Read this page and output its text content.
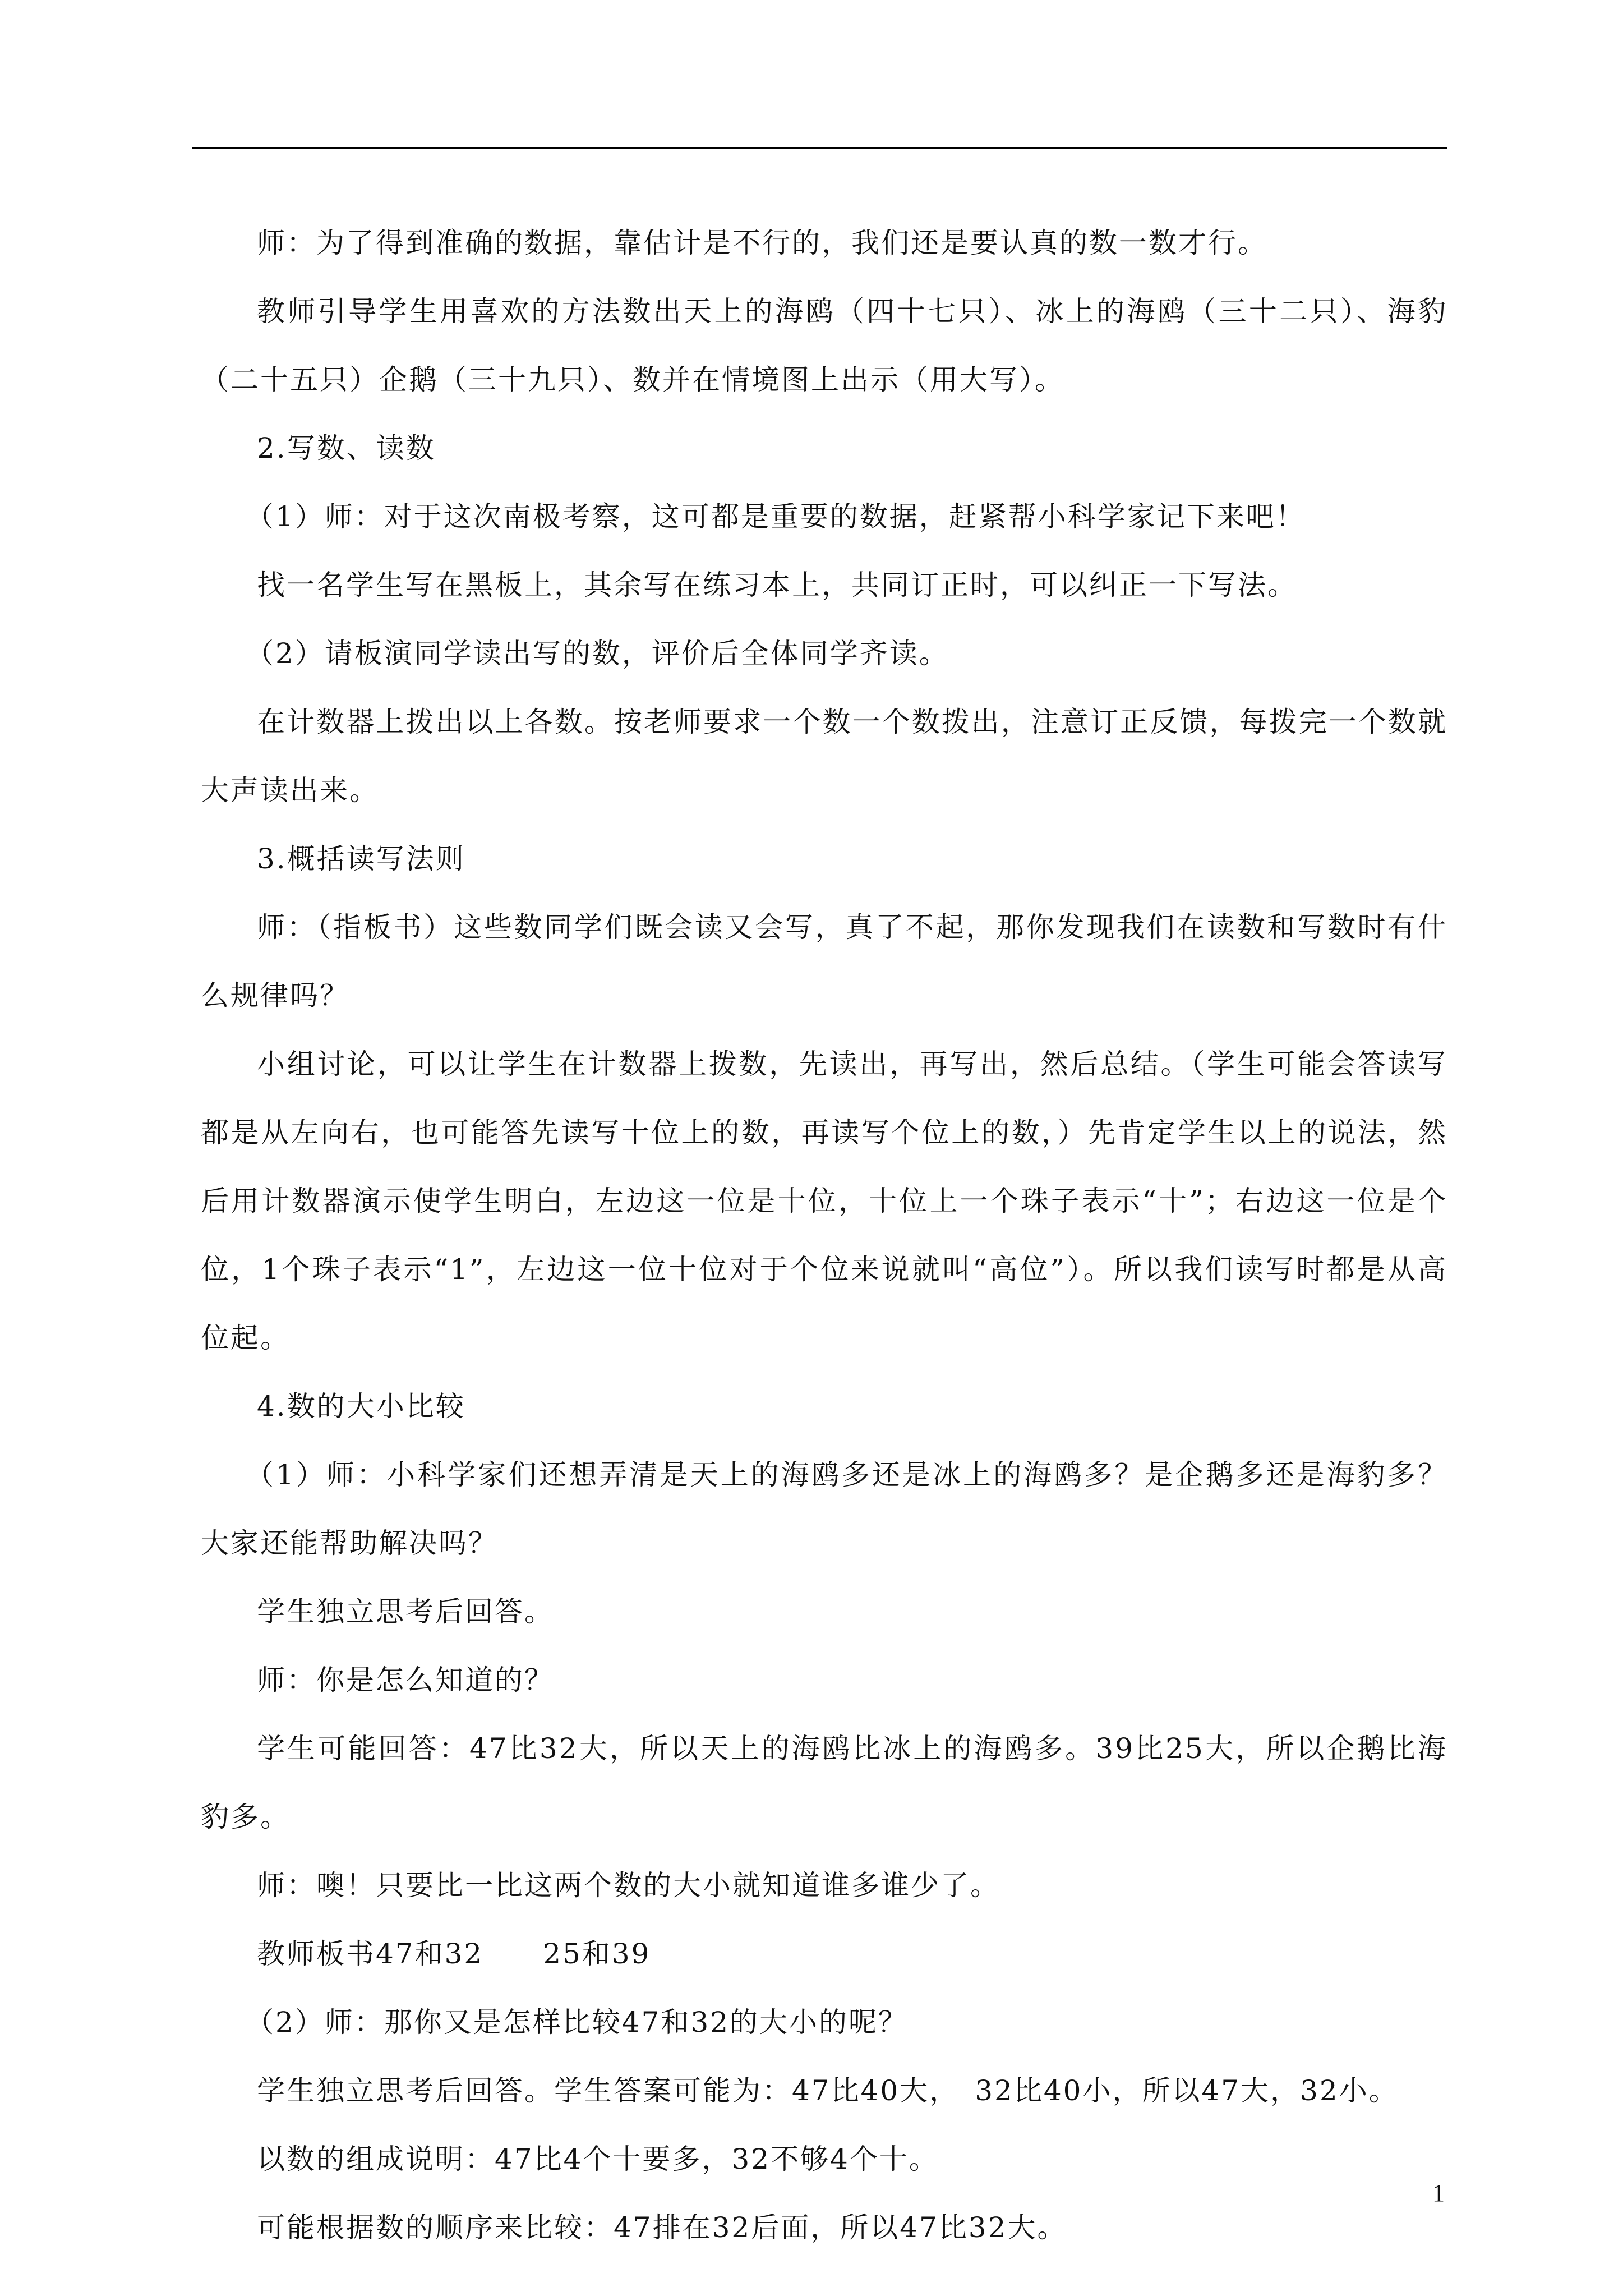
师：为了得到准确的数据，靠估计是不行的，我们还是要认真的数一数才行。

教师引导学生用喜欢的方法数出天上的海鸥（四十七只）、冰上的海鸥（三十二只）、海豹（二十五只）企鹅（三十九只）、数并在情境图上出示（用大写）。

2.写数、读数

（1）师：对于这次南极考察，这可都是重要的数据，赶紧帮小科学家记下来吧！

找一名学生写在黑板上，其余写在练习本上，共同订正时，可以纠正一下写法。

（2）请板演同学读出写的数，评价后全体同学齐读。

在计数器上拨出以上各数。按老师要求一个数一个数拨出，注意订正反馈，每拨完一个数就大声读出来。

3.概括读写法则

师：（指板书）这些数同学们既会读又会写，真了不起，那你发现我们在读数和写数时有什么规律吗？

小组讨论，可以让学生在计数器上拨数，先读出，再写出，然后总结。（学生可能会答读写都是从左向右，也可能答先读写十位上的数，再读写个位上的数，）先肯定学生以上的说法，然后用计数器演示使学生明白，左边这一位是十位，十位上一个珠子表示“十”；右边这一位是个位，1个珠子表示“1”，左边这一位十位对于个位来说就叫“高位”）。所以我们读写时都是从高位起。

4.数的大小比较

（1）师：小科学家们还想弄清是天上的海鸥多还是冰上的海鸥多？是企鹅多还是海豹多？大家还能帮助解决吗？

学生独立思考后回答。

师：你是怎么知道的？

学生可能回答：47比32大，所以天上的海鸥比冰上的海鸥多。39比25大，所以企鹅比海豹多。

师：噢！只要比一比这两个数的大小就知道谁多谁少了。

教师板书47和32　　25和39

（2）师：那你又是怎样比较47和32的大小的呢？

学生独立思考后回答。学生答案可能为：47比40大，　32比40小，所以47大，32小。

以数的组成说明：47比4个十要多，32不够4个十。

可能根据数的顺序来比较：47排在32后面，所以47比32大。

1
